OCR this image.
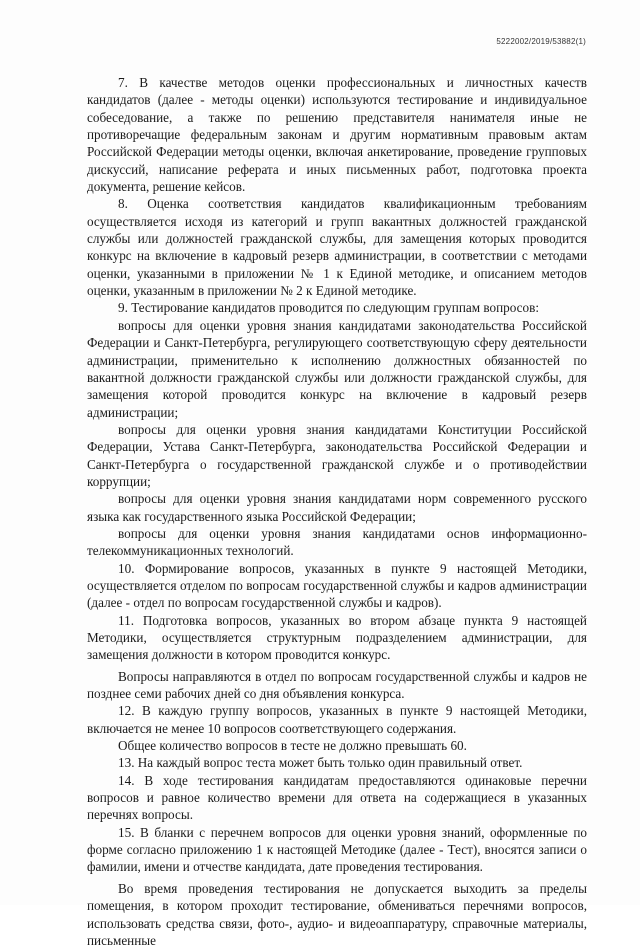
5222002/2019/53882(1)

7. В качестве методов оценки профессиональных и личностных качеств кандидатов (далее - методы оценки) используются тестирование и индивидуальное собеседование, а также по решению представителя нанимателя иные не противоречащие федеральным законам и другим нормативным правовым актам Российской Федерации методы оценки, включая анкетирование, проведение групповых дискуссий, написание реферата и иных письменных работ, подготовка проекта документа, решение кейсов.

8. Оценка соответствия кандидатов квалификационным требованиям осуществляется исходя из категорий и групп вакантных должностей гражданской службы или должностей гражданской службы, для замещения которых проводится конкурс на включение в кадровый резерв администрации, в соответствии с методами оценки, указанными в приложении № 1 к Единой методике, и описанием методов оценки, указанным в приложении № 2 к Единой методике.

9. Тестирование кандидатов проводится по следующим группам вопросов:

вопросы для оценки уровня знания кандидатами законодательства Российской Федерации и Санкт-Петербурга, регулирующего соответствующую сферу деятельности администрации, применительно к исполнению должностных обязанностей по вакантной должности гражданской службы или должности гражданской службы, для замещения которой проводится конкурс на включение в кадровый резерв администрации;

вопросы для оценки уровня знания кандидатами Конституции Российской Федерации, Устава Санкт-Петербурга, законодательства Российской Федерации и Санкт-Петербурга о государственной гражданской службе и о противодействии коррупции;

вопросы для оценки уровня знания кандидатами норм современного русского языка как государственного языка Российской Федерации;

вопросы для оценки уровня знания кандидатами основ информационно-телекоммуникационных технологий.

10. Формирование вопросов, указанных в пункте 9 настоящей Методики, осуществляется отделом по вопросам государственной службы и кадров администрации (далее - отдел по вопросам государственной службы и кадров).

11. Подготовка вопросов, указанных во втором абзаце пункта 9 настоящей Методики, осуществляется структурным подразделением администрации, для замещения должности в котором проводится конкурс.

Вопросы направляются в отдел по вопросам государственной службы и кадров не позднее семи рабочих дней со дня объявления конкурса.

12. В каждую группу вопросов, указанных в пункте 9 настоящей Методики, включается не менее 10 вопросов соответствующего содержания.

Общее количество вопросов в тесте не должно превышать 60.

13. На каждый вопрос теста может быть только один правильный ответ.

14. В ходе тестирования кандидатам предоставляются одинаковые перечни вопросов и равное количество времени для ответа на содержащиеся в указанных перечнях вопросы.

15. В бланки с перечнем вопросов для оценки уровня знаний, оформленные по форме согласно приложению 1 к настоящей Методике (далее - Тест), вносятся записи о фамилии, имени и отчестве кандидата, дате проведения тестирования.

Во время проведения тестирования не допускается выходить за пределы помещения, в котором проходит тестирование, обмениваться перечнями вопросов, использовать средства связи, фото-, аудио- и видеоаппаратуру, справочные материалы, письменные
